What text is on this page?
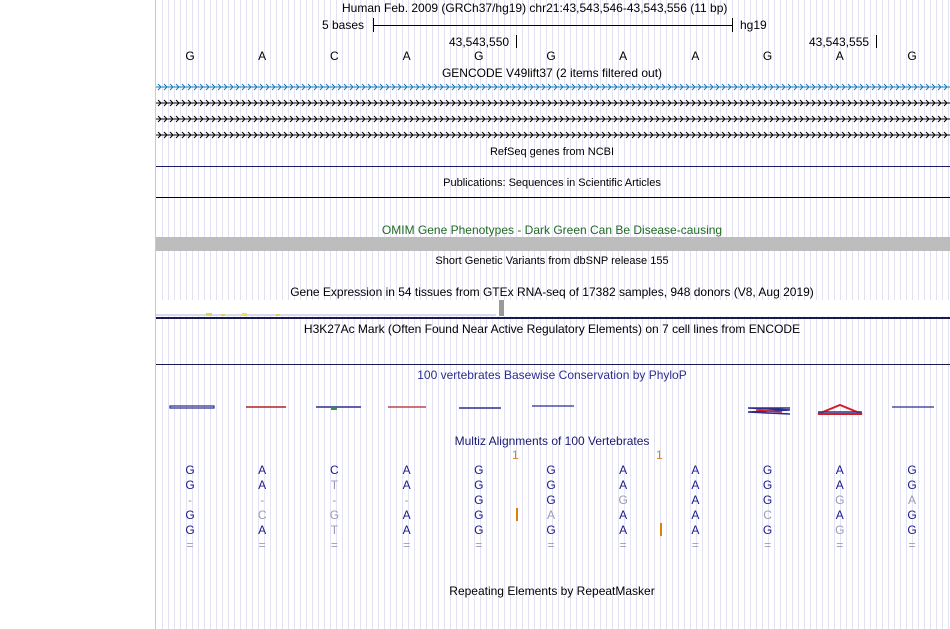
Human Feb. 2009 (GRCh37/hg19) chr21:43,543,546-43,543,556 (11 bp)
5 bases	hg19
43,543,550	43,543,555
G	A	C	A	G	G	A	A	G	A	G
GENCODE V49lift37 (2 items filtered out)
RefSeq genes from NCBI
Publications: Sequences in Scientific Articles
OMIM Gene Phenotypes - Dark Green Can Be Disease-causing
Short Genetic Variants from dbSNP release 155
Gene Expression in 54 tissues from GTEx RNA-seq of 17382 samples, 948 donors (V8, Aug 2019)
H3K27Ac Mark (Often Found Near Active Regulatory Elements) on 7 cell lines from ENCODE
100 vertebrates Basewise Conservation by PhyloP
Multiz Alignments of 100 Vertebrates
1	1
G	A	C	A	G	G	A	A	G	A	G
G	A	T	A	G	G	A	A	G	A	G
-	-	-	-	G	G	G	A	G	G	A
G	C	G	A	G	A	A	A	C	A	G
G	A	T	A	G	G	A	A	G	G	G
=	=	=	=	=	=	=	=	=	=	=
Repeating Elements by RepeatMasker
